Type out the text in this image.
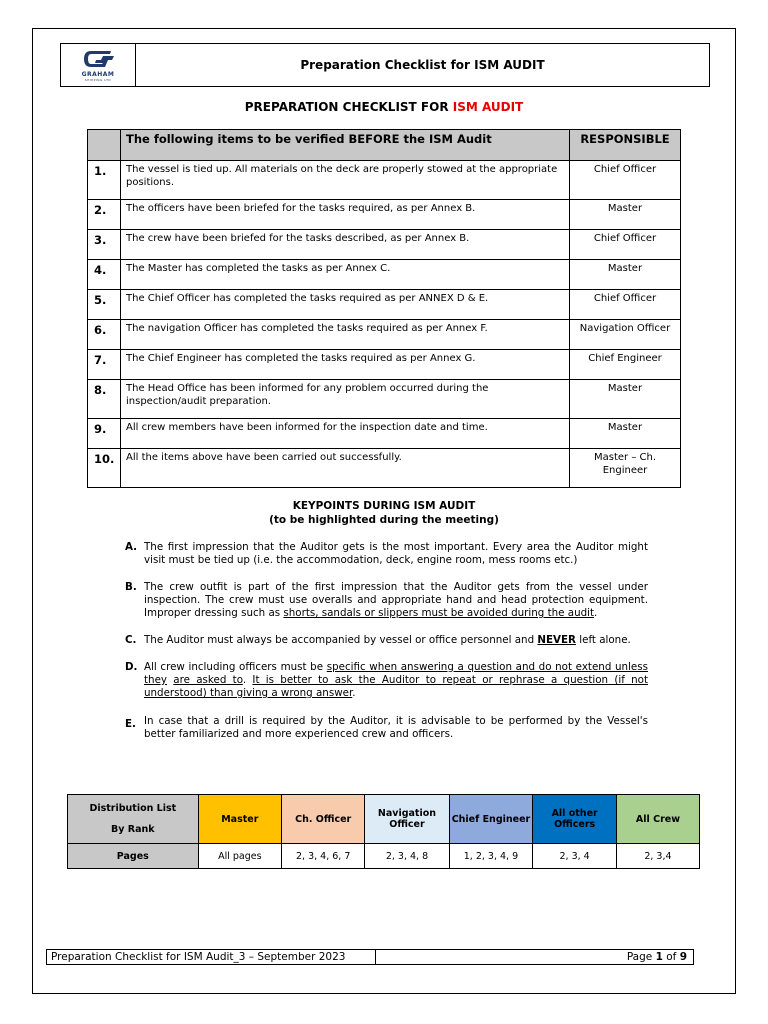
GRAHAM
SHIPPING LTD
Preparation Checklist for ISM AUDIT
PREPARATION CHECKLIST FOR ISM AUDIT
	The following items to be verified BEFORE the ISM Audit	RESPONSIBLE
1.	The vessel is tied up. All materials on the deck are properly stowed at the appropriate positions.	Chief Officer
2.	The officers have been briefed for the tasks required, as per Annex B.	Master
3.	The crew have been briefed for the tasks described, as per Annex B.	Chief Officer
4.	The Master has completed the tasks as per Annex C.	Master
5.	The Chief Officer has completed the tasks required as per ANNEX D & E.	Chief Officer
6.	The navigation Officer has completed the tasks required as per Annex F.	Navigation Officer
7.	The Chief Engineer has completed the tasks required as per Annex G.	Chief Engineer
8.	The Head Office has been informed for any problem occurred during the inspection/audit preparation.	Master
9.	All crew members have been informed for the inspection date and time.	Master
10.	All the items above have been carried out successfully.	Master – Ch. Engineer
KEYPOINTS DURING ISM AUDIT
(to be highlighted during the meeting)
A. The first impression that the Auditor gets is the most important. Every area the Auditor might visit must be tied up (i.e. the accommodation, deck, engine room, mess rooms etc.)
B. The crew outfit is part of the first impression that the Auditor gets from the vessel under inspection. The crew must use overalls and appropriate hand and head protection equipment. Improper dressing such as shorts, sandals or slippers must be avoided during the audit.
C. The Auditor must always be accompanied by vessel or office personnel and NEVER left alone.
D. All crew including officers must be specific when answering a question and do not extend unless they are asked to. It is better to ask the Auditor to repeat or rephrase a question (if not understood) than giving a wrong answer.
E. In case that a drill is required by the Auditor, it is advisable to be performed by the Vessel's better familiarized and more experienced crew and officers.
Distribution List
By Rank	Master	Ch. Officer	Navigation Officer	Chief Engineer	All other Officers	All Crew
Pages	All pages	2, 3, 4, 6, 7	2, 3, 4, 8	1, 2, 3, 4, 9	2, 3, 4	2, 3,4
Preparation Checklist for ISM Audit_3 – September 2023	Page 1 of 9
